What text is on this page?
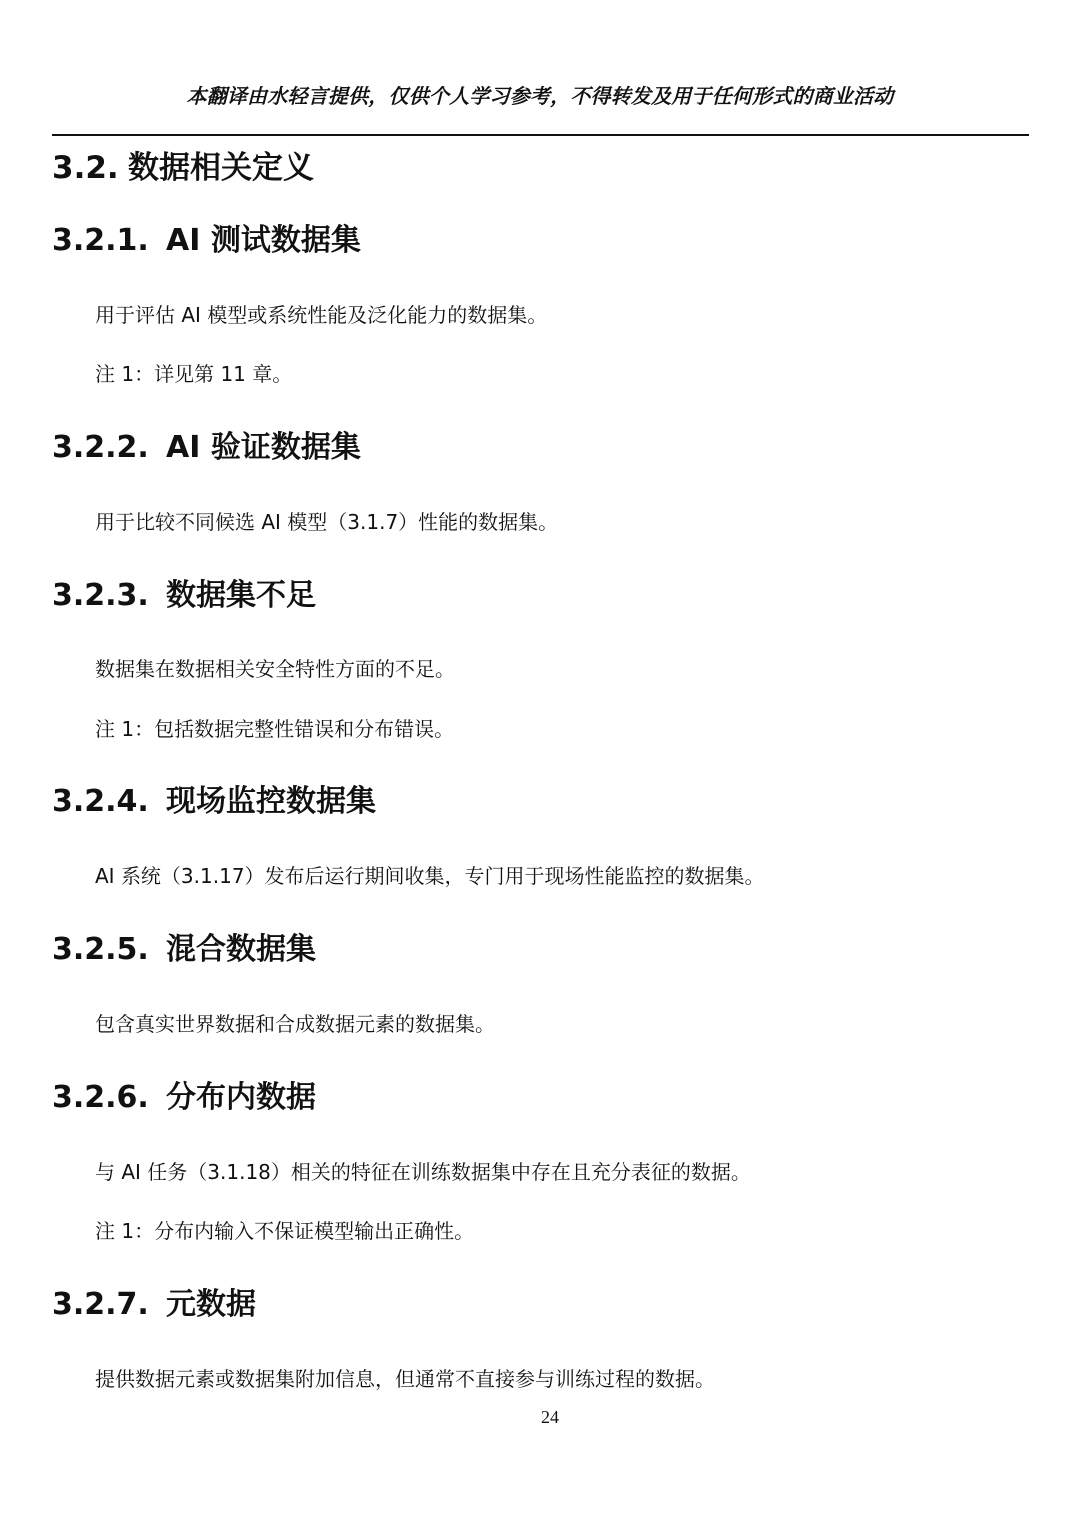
本翻译由水轻言提供，仅供个人学习参考，不得转发及用于任何形式的商业活动
3.2. 数据相关定义
3.2.1. AI 测试数据集
用于评估 AI 模型或系统性能及泛化能力的数据集。
注 1：详见第 11 章。
3.2.2. AI 验证数据集
用于比较不同候选 AI 模型（3.1.7）性能的数据集。
3.2.3. 数据集不足
数据集在数据相关安全特性方面的不足。
注 1：包括数据完整性错误和分布错误。
3.2.4. 现场监控数据集
AI 系统（3.1.17）发布后运行期间收集，专门用于现场性能监控的数据集。
3.2.5. 混合数据集
包含真实世界数据和合成数据元素的数据集。
3.2.6. 分布内数据
与 AI 任务（3.1.18）相关的特征在训练数据集中存在且充分表征的数据。
注 1：分布内输入不保证模型输出正确性。
3.2.7. 元数据
提供数据元素或数据集附加信息，但通常不直接参与训练过程的数据。
24
